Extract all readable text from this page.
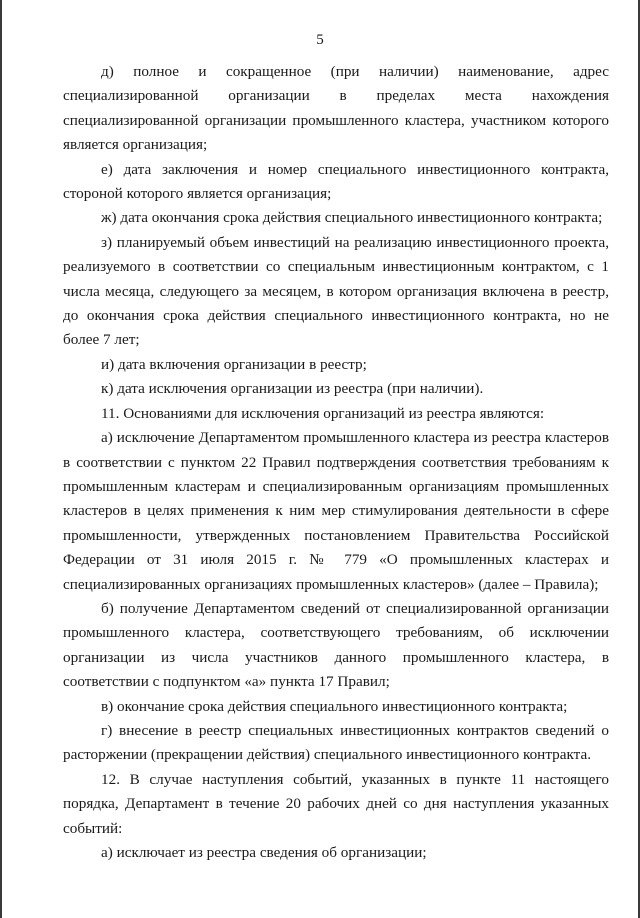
5

д) полное и сокращенное (при наличии) наименование, адрес специализированной организации в пределах места нахождения специализированной организации промышленного кластера, участником которого является организация;

е) дата заключения и номер специального инвестиционного контракта, стороной которого является организация;

ж) дата окончания срока действия специального инвестиционного контракта;

з) планируемый объем инвестиций на реализацию инвестиционного проекта, реализуемого в соответствии со специальным инвестиционным контрактом, с 1 числа месяца, следующего за месяцем, в котором организация включена в реестр, до окончания срока действия специального инвестиционного контракта, но не более 7 лет;

и) дата включения организации в реестр;

к) дата исключения организации из реестра (при наличии).

11. Основаниями для исключения организаций из реестра являются:

а) исключение Департаментом промышленного кластера из реестра кластеров в соответствии с пунктом 22 Правил подтверждения соответствия требованиям к промышленным кластерам и специализированным организациям промышленных кластеров в целях применения к ним мер стимулирования деятельности в сфере промышленности, утвержденных постановлением Правительства Российской Федерации от 31 июля 2015 г. № 779 «О промышленных кластерах и специализированных организациях промышленных кластеров» (далее – Правила);

б) получение Департаментом сведений от специализированной организации промышленного кластера, соответствующего требованиям, об исключении организации из числа участников данного промышленного кластера, в соответствии с подпунктом «а» пункта 17 Правил;

в) окончание срока действия специального инвестиционного контракта;

г) внесение в реестр специальных инвестиционных контрактов сведений о расторжении (прекращении действия) специального инвестиционного контракта.

12. В случае наступления событий, указанных в пункте 11 настоящего порядка, Департамент в течение 20 рабочих дней со дня наступления указанных событий:

а) исключает из реестра сведения об организации;
